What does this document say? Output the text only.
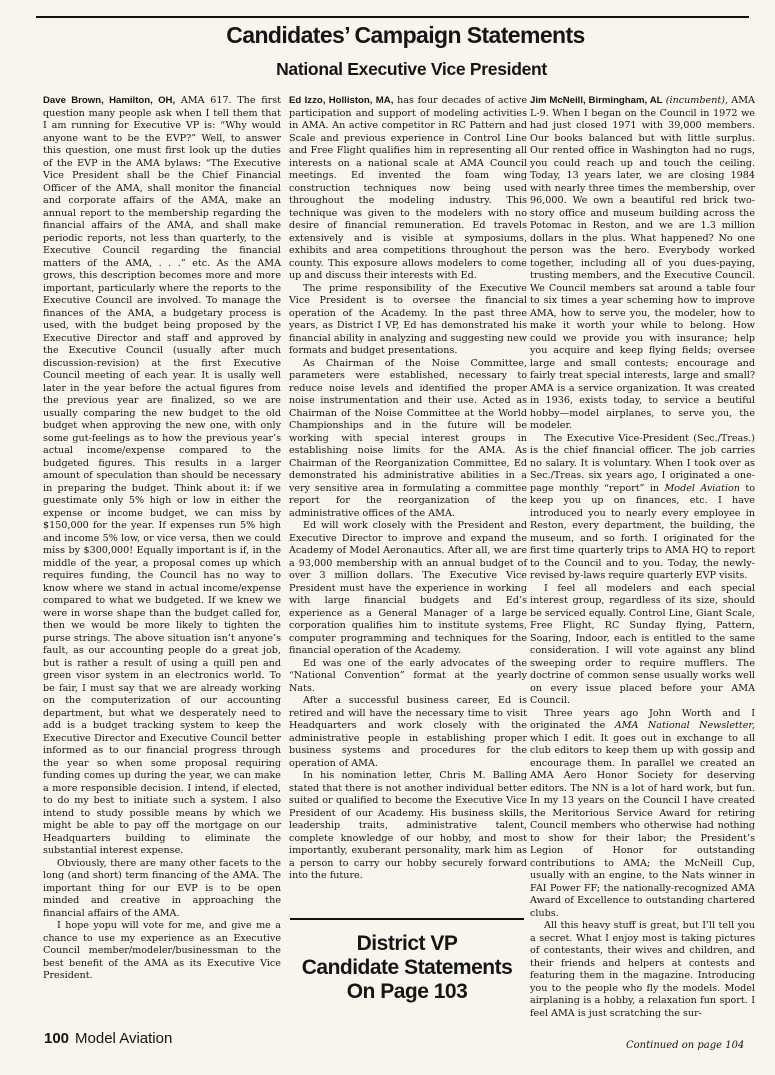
Candidates’ Campaign Statements
National Executive Vice President

Dave Brown, Hamilton, OH, AMA 617. The first question many people ask when I tell them that I am running for Executive VP is: “Why would anyone want to be the EVP?” Well, to answer this question, one must first look up the duties of the EVP in the AMA bylaws: “The Executive Vice President shall be the Chief Financial Officer of the AMA, shall monitor the financial and corporate affairs of the AMA, make an annual report to the membership regarding the financial affairs of the AMA, and shall make periodic reports, not less than quarterly, to the Executive Council regarding the financial matters of the AMA, . . .” etc. As the AMA grows, this description becomes more and more important, particularly where the reports to the Executive Council are involved. To manage the finances of the AMA, a budgetary process is used, with the budget being proposed by the Executive Director and staff and approved by the Executive Council (usually after much discussion-revision) at the first Executive Council meeting of each year. It is usally well later in the year before the actual figures from the previous year are finalized, so we are usually comparing the new budget to the old budget when approving the new one, with only some gut-feelings as to how the previous year’s actual income/expense compared to the budgeted figures. This results in a larger amount of speculation than should be necessary in preparing the budget. Think about it: if we guestimate only 5% high or low in either the expense or income budget, we can miss by $150,000 for the year. If expenses run 5% high and income 5% low, or vice versa, then we could miss by $300,000! Equally important is if, in the middle of the year, a proposal comes up which requires funding, the Council has no way to know where we stand in actual income/expense compared to what we budgeted. If we knew we were in worse shape than the budget called for, then we would be more likely to tighten the purse strings. The above situation isn’t anyone’s fault, as our accounting people do a great job, but is rather a result of using a quill pen and green visor system in an electronics world. To be fair, I must say that we are already working on the computerization of our accounting department, but what we desperately need to add is a budget tracking system to keep the Executive Director and Executive Council better informed as to our financial progress through the year so when some proposal requiring funding comes up during the year, we can make a more responsible decision. I intend, if elected, to do my best to initiate such a system. I also intend to study possible means by which we might be able to pay off the mortgage on our Headquarters building to eliminate the substantial interest expense.

Obviously, there are many other facets to the long (and short) term financing of the AMA. The important thing for our EVP is to be open minded and creative in approaching the financial affairs of the AMA.

I hope yopu will vote for me, and give me a chance to use my experience as an Executive Council member/modeler/businessman to the best benefit of the AMA as its Executive Vice President.

Ed Izzo, Holliston, MA, has four decades of active participation and support of modeling activities in AMA. An active competitor in RC Pattern and Scale and previous experience in Control Line and Free Flight qualifies him in representing all interests on a national scale at AMA Council meetings. Ed invented the foam wing construction techniques now being used throughout the modeling industry. This technique was given to the modelers with no desire of financial remuneration. Ed travels extensively and is visible at symposiums, exhibits and area competitions throughout the county. This exposure allows modelers to come up and discuss their interests with Ed.

The prime responsibility of the Executive Vice President is to oversee the financial operation of the Academy. In the past three years, as District I VP, Ed has demonstrated his financial ability in analyzing and suggesting new formats and budget presentations.

As Chairman of the Noise Committee, parameters were established, necessary to reduce noise levels and identified the proper noise instrumentation and their use. Acted as Chairman of the Noise Committee at the World Championships and in the future will be working with special interest groups in establishing noise limits for the AMA. As Chairman of the Reorganization Committee, Ed demonstrated his administrative abilities in a very sensitive area in formulating a committee report for the reorganization of the administrative offices of the AMA.

Ed will work closely with the President and Executive Director to improve and expand the Academy of Model Aeronautics. After all, we are a 93,000 membership with an annual budget of over 3 million dollars. The Executive Vice President must have the experience in working with large financial budgets and Ed’s experience as a General Manager of a large corporation qualifies him to institute systems, computer programming and techniques for the financial operation of the Academy.

Ed was one of the early advocates of the “National Convention” format at the yearly Nats.

After a successful business career, Ed is retired and will have the necessary time to visit Headquarters and work closely with the administrative people in establishing proper business systems and procedures for the operation of AMA.

In his nomination letter, Chris M. Balling stated that there is not another individual better suited or qualified to become the Executive Vice President of our Academy. His business skills, leadership traits, administrative talent, complete knowledge of our hobby, and most importantly, exuberant personality, mark him as a person to carry our hobby securely forward into the future.

District VP
Candidate Statements
On Page 103

Jim McNeill, Birmingham, AL (incumbent), AMA L-9. When I began on the Council in 1972 we had just closed 1971 with 39,000 members. Our books balanced but with little surplus. Our rented office in Washington had no rugs, you could reach up and touch the ceiling. Today, 13 years later, we are closing 1984 with nearly three times the membership, over 96,000. We own a beautiful red brick two-story office and museum building across the Potomac in Reston, and we are 1.3 million dollars in the plus. What happened? No one person was the hero. Everybody worked together, including all of you dues-paying, trusting members, and the Executive Council. We Council members sat around a table four to six times a year scheming how to improve AMA, how to serve you, the modeler, how to make it worth your while to belong. How could we provide you with insurance; help you acquire and keep flying fields; oversee large and small contests; encourage and fairly treat special interests, large and small? AMA is a service organization. It was created in 1936, exists today, to service a beutiful hobby—model airplanes, to serve you, the modeler.

The Executive Vice-President (Sec./Treas.) is the chief financial officer. The job carries no salary. It is voluntary. When I took over as Sec./Treas. six years ago, I originated a one-page monthly “report” in Model Aviation to keep you up on finances, etc. I have introduced you to nearly every employee in Reston, every department, the building, the museum, and so forth. I originated for the first time quarterly trips to AMA HQ to report to the Council and to you. Today, the newly-revised by-laws require quarterly EVP visits.

I feel all modelers and each special interest group, regardless of its size, should be serviced equally. Control Line, Giant Scale, Free Flight, RC Sunday flying, Pattern, Soaring, Indoor, each is entitled to the same consideration. I will vote against any blind sweeping order to require mufflers. The doctrine of common sense usually works well on every issue placed before your AMA Council.

Three years ago John Worth and I originated the AMA National Newsletter, which I edit. It goes out in exchange to all club editors to keep them up with gossip and encourage them. In parallel we created an AMA Aero Honor Society for deserving editors. The NN is a lot of hard work, but fun. In my 13 years on the Council I have created the Meritorious Service Award for retiring Council members who otherwise had nothing to show for their labor; the President’s Legion of Honor for outstanding contributions to AMA; the McNeill Cup, usually with an engine, to the Nats winner in FAI Power FF; the nationally-recognized AMA Award of Excellence to outstanding chartered clubs.

All this heavy stuff is great, but I’ll tell you a secret. What I enjoy most is taking pictures of contestants, their wives and children, and their friends and helpers at contests and featuring them in the magazine. Introducing you to the people who fly the models. Model airplaning is a hobby, a relaxation fun sport. I feel AMA is just scratching the sur-

Continued on page 104
100 Model Aviation
